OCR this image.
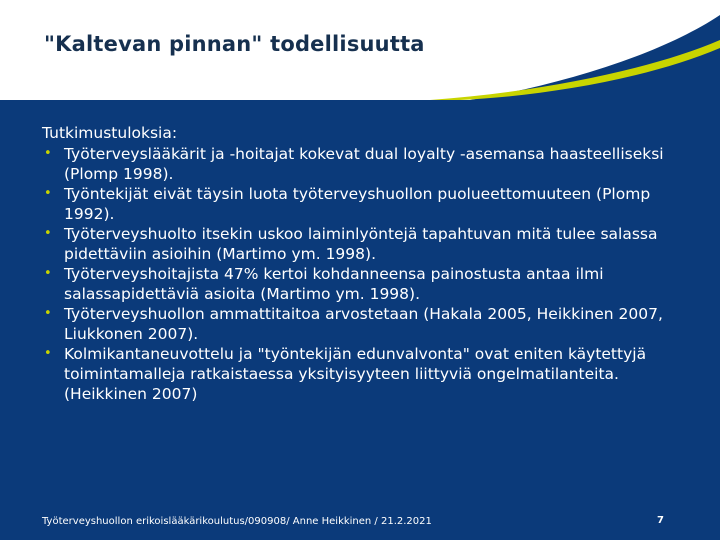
"Kaltevan pinnan" todellisuutta
Tutkimustuloksia:
• Työterveyslääkärit ja -hoitajat kokevat dual loyalty -asemansa haasteelliseksi (Plomp 1998).
• Työntekijät eivät täysin luota työterveyshuollon puolueettomuuteen (Plomp 1992).
• Työterveyshuolto itsekin uskoo laiminlyöntejä tapahtuvan mitä tulee salassa pidettäviin asioihin (Martimo ym. 1998).
• Työterveyshoitajista 47% kertoi kohdanneensa painostusta antaa ilmi salassapidettäviä asioita (Martimo ym. 1998).
• Työterveyshuollon ammattitaitoa arvostetaan (Hakala 2005, Heikkinen 2007, Liukkonen 2007).
• Kolmikantaneuvottelu ja "työntekijän edunvalvonta" ovat eniten käytettyjä toimintamalleja ratkaistaessa yksityisyyteen liittyviä ongelmatilanteita. (Heikkinen 2007)
Työterveyshuollon erikoislääkärikoulutus/090908/ Anne Heikkinen / 21.2.2021	7
